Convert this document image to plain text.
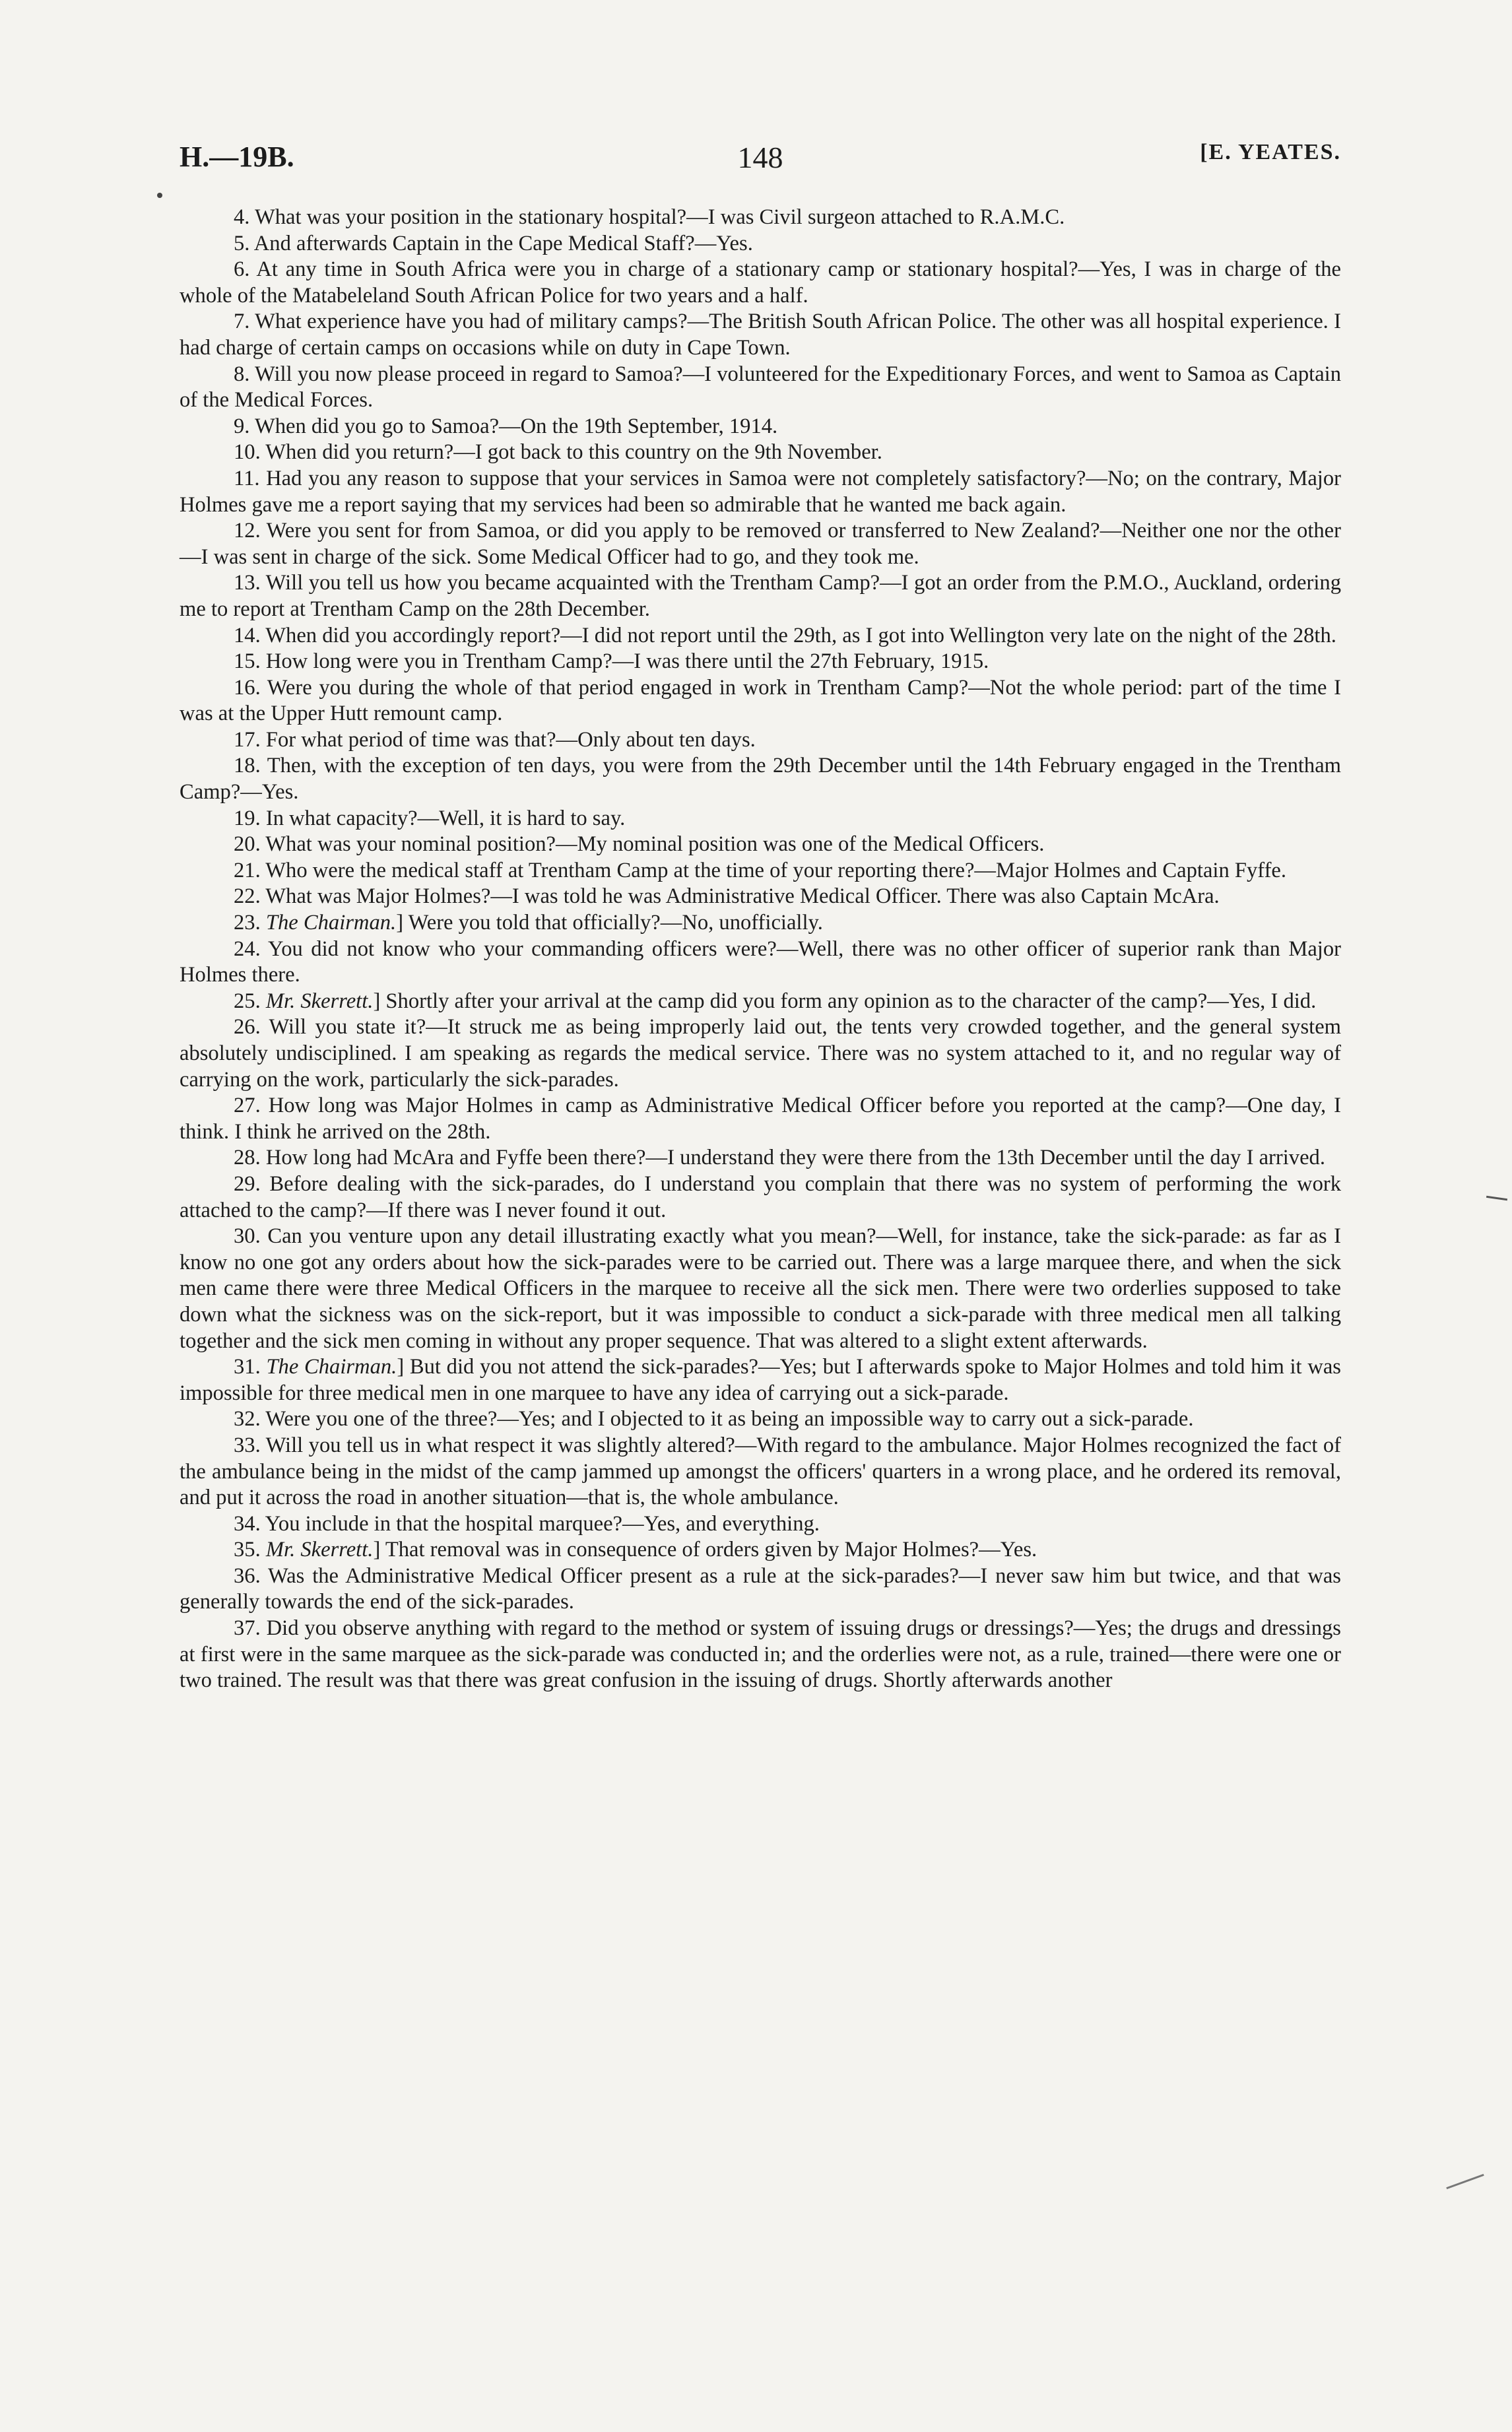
H.—19B.	148	[E. YEATES.

4. What was your position in the stationary hospital?—I was Civil surgeon attached to R.A.M.C.

5. And afterwards Captain in the Cape Medical Staff?—Yes.

6. At any time in South Africa were you in charge of a stationary camp or stationary hospital?—Yes, I was in charge of the whole of the Matabeleland South African Police for two years and a half.

7. What experience have you had of military camps?—The British South African Police. The other was all hospital experience. I had charge of certain camps on occasions while on duty in Cape Town.

8. Will you now please proceed in regard to Samoa?—I volunteered for the Expeditionary Forces, and went to Samoa as Captain of the Medical Forces.

9. When did you go to Samoa?—On the 19th September, 1914.

10. When did you return?—I got back to this country on the 9th November.

11. Had you any reason to suppose that your services in Samoa were not completely satisfactory?—No; on the contrary, Major Holmes gave me a report saying that my services had been so admirable that he wanted me back again.

12. Were you sent for from Samoa, or did you apply to be removed or transferred to New Zealand?—Neither one nor the other—I was sent in charge of the sick. Some Medical Officer had to go, and they took me.

13. Will you tell us how you became acquainted with the Trentham Camp?—I got an order from the P.M.O., Auckland, ordering me to report at Trentham Camp on the 28th December.

14. When did you accordingly report?—I did not report until the 29th, as I got into Wellington very late on the night of the 28th.

15. How long were you in Trentham Camp?—I was there until the 27th February, 1915.

16. Were you during the whole of that period engaged in work in Trentham Camp?—Not the whole period: part of the time I was at the Upper Hutt remount camp.

17. For what period of time was that?—Only about ten days.

18. Then, with the exception of ten days, you were from the 29th December until the 14th February engaged in the Trentham Camp?—Yes.

19. In what capacity?—Well, it is hard to say.

20. What was your nominal position?—My nominal position was one of the Medical Officers.

21. Who were the medical staff at Trentham Camp at the time of your reporting there?—Major Holmes and Captain Fyffe.

22. What was Major Holmes?—I was told he was Administrative Medical Officer. There was also Captain McAra.

23. The Chairman.] Were you told that officially?—No, unofficially.

24. You did not know who your commanding officers were?—Well, there was no other officer of superior rank than Major Holmes there.

25. Mr. Skerrett.] Shortly after your arrival at the camp did you form any opinion as to the character of the camp?—Yes, I did.

26. Will you state it?—It struck me as being improperly laid out, the tents very crowded together, and the general system absolutely undisciplined. I am speaking as regards the medical service. There was no system attached to it, and no regular way of carrying on the work, particularly the sick-parades.

27. How long was Major Holmes in camp as Administrative Medical Officer before you reported at the camp?—One day, I think. I think he arrived on the 28th.

28. How long had McAra and Fyffe been there?—I understand they were there from the 13th December until the day I arrived.

29. Before dealing with the sick-parades, do I understand you complain that there was no system of performing the work attached to the camp?—If there was I never found it out.

30. Can you venture upon any detail illustrating exactly what you mean?—Well, for instance, take the sick-parade: as far as I know no one got any orders about how the sick-parades were to be carried out. There was a large marquee there, and when the sick men came there were three Medical Officers in the marquee to receive all the sick men. There were two orderlies supposed to take down what the sickness was on the sick-report, but it was impossible to conduct a sick-parade with three medical men all talking together and the sick men coming in without any proper sequence. That was altered to a slight extent afterwards.

31. The Chairman.] But did you not attend the sick-parades?—Yes; but I afterwards spoke to Major Holmes and told him it was impossible for three medical men in one marquee to have any idea of carrying out a sick-parade.

32. Were you one of the three?—Yes; and I objected to it as being an impossible way to carry out a sick-parade.

33. Will you tell us in what respect it was slightly altered?—With regard to the ambulance. Major Holmes recognized the fact of the ambulance being in the midst of the camp jammed up amongst the officers' quarters in a wrong place, and he ordered its removal, and put it across the road in another situation—that is, the whole ambulance.

34. You include in that the hospital marquee?—Yes, and everything.

35. Mr. Skerrett.] That removal was in consequence of orders given by Major Holmes?—Yes.

36. Was the Administrative Medical Officer present as a rule at the sick-parades?—I never saw him but twice, and that was generally towards the end of the sick-parades.

37. Did you observe anything with regard to the method or system of issuing drugs or dressings?—Yes; the drugs and dressings at first were in the same marquee as the sick-parade was conducted in; and the orderlies were not, as a rule, trained—there were one or two trained. The result was that there was great confusion in the issuing of drugs. Shortly afterwards another
